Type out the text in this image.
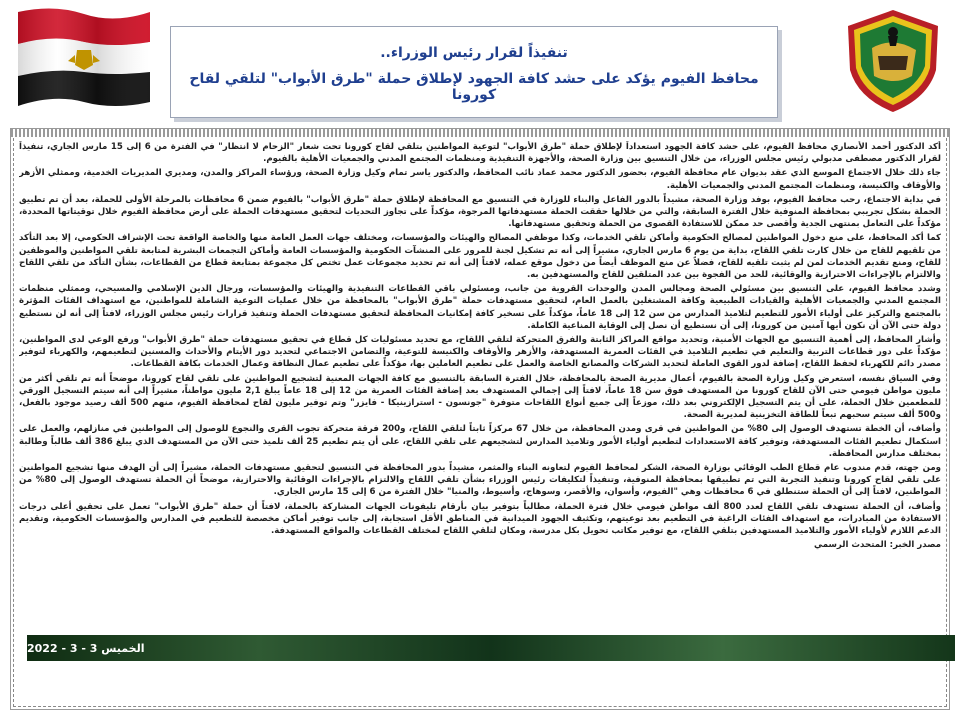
تنفيذاً لقرار رئيس الوزراء..
محافظ الفيوم يؤكد على حشد كافة الجهود لإطلاق حملة "طرق الأبواب" لتلقي لقاح كورونا

أكد الدكتور أحمد الأنصاري محافظ الفيوم، على حشد كافة الجهود استعداداً لإطلاق حملة "طرق الأبواب" لتوعية المواطنين بتلقي لقاح كورونا تحت شعار "الزحام لا انتظار" في الفترة من 6 إلى 15 مارس الجاري، تنفيذاً لقرار الدكتور مصطفى مدبولي رئيس مجلس الوزراء، من خلال التنسيق بين وزارة الصحة، والأجهزة التنفيذية ومنظمات المجتمع المدني والجمعيات الأهلية بالفيوم.

جاء ذلك خلال الاجتماع الموسع الذي عقد بديوان عام محافظة الفيوم، بحضور الدكتور محمد عماد نائب المحافظ، والدكتور ياسر تمام وكيل وزارة الصحة، ورؤساء المراكز والمدن، ومديري المديريات الخدمية، وممثلي الأزهر والأوقاف والكنيسة، ومنظمات المجتمع المدني والجمعيات الأهلية.

في بداية الاجتماع، رحب محافظ الفيوم، بوفد وزارة الصحة، مشيداً بالدور الفاعل والبناء للوزارة في التنسيق مع المحافظة لإطلاق حملة "طرق الأبواب" بالفيوم ضمن 6 محافظات بالمرحلة الأولى للحملة، بعد أن تم تطبيق الحملة بشكل تجريبي بمحافظة المنوفية خلال الفترة السابقة، والتي من خلالها حققت الحملة مستهدفاتها المرجوة، مؤكداً على تجاوز التحديات لتحقيق مستهدفات الحملة على أرض محافظة الفيوم خلال توقيتاتها المحددة، مؤكداً على التعامل بمنتهى الجدية وأقصى حد ممكن للاستفادة القصوى من الحملة وتحقيق مستهدفاتها.

كما أكد المحافظ، على منع دخول المواطنين لمصالح الحكومية وأماكن تلقي الخدمات، وكذا موظفي المصالح والهيئات والمؤسسات، ومختلف جهات العمل العامة منها والخاصة الواقعة تحت الإشراف الحكومي، إلا بعد التأكد من تلقيهم للقاح من خلال كارت تلقي اللقاح، بداية من يوم 6 مارس الجاري، مشيراً إلى أنه تم تشكيل لجنة للمرور على المنشآت الحكومية والمؤسسات العامة وأماكن التجمعات البشرية لمتابعة تلقي المواطنين والموظفين للقاح، ومنع تقديم الخدمات لمن لم يثبت تلقيه للقاح، فضلاً عن منع الموظف أيضاً من دخول موقع عمله، لافتاً إلى أنه تم تحديد مجموعات عمل تختص كل مجموعة بمتابعة قطاع من القطاعات، بشأن التأكد من تلقي اللقاح والالتزام بالإجراءات الاحترازية والوقائية، للحد من الفجوة بين عدد المتلقين للقاح والمستهدفين به.

وشدد محافظ الفيوم، على التنسيق بين مسئولي الصحة ومجالس المدن والوحدات القروية من جانب، ومسئولي باقي القطاعات التنفيذية والهيئات والمؤسسات، ورجال الدين الإسلامي والمسيحي، وممثلي منظمات المجتمع المدني والجمعيات الأهلية والقيادات الطبيعية وكافة المشتغلين بالعمل العام، لتحقيق مستهدفات حملة "طرق الأبواب" بالمحافظة من خلال عمليات التوعية الشاملة للمواطنين، مع استهداف الفئات المؤثرة بالمجتمع والتركيز على أولياء الأمور للتطعيم لتلاميذ المدارس من سن 12 إلى 18 عاماً، مؤكداً على تسخير كافة إمكانيات المحافظة لتحقيق مستهدفات الحملة وتنفيذ قرارات رئيس مجلس الوزراء، لافتاً إلى أنه لن نستطيع دولة حتى الآن أن نكون أيها آمنين من كورونا، إلى أن نستطيع أن نصل إلى الوقاية المناعية الكاملة.

وأشار المحافظ، إلى أهمية التنسيق مع الجهات الأمنية، وتحديد مواقع المراكز الثابتة والفرق المتحركة لتلقي اللقاح، مع تحديد مسئوليات كل قطاع في تحقيق مستهدفات حملة "طرق الأبواب" ورفع الوعي لدى المواطنين، مؤكداً على دور قطاعات التربية والتعليم في تطعيم التلاميذ في الفئات العمرية المستهدفة، والأزهر والأوقاف والكنيسة للتوعية، والتضامن الاجتماعي لتحديد دور الأيتام والأحداث والمسنين لتطعيمهم، والكهرباء لتوفير مصدر دائم للكهرباء لحفظ اللقاح، إضافة لدور القوى العاملة لتحديد الشركات والمصانع الخاصة والعمل على تطعيم العاملين بها، مؤكداً على تطعيم عمال النظافة وعمال الخدمات بكافة القطاعات.

وفي السياق نفسه، استعرض وكيل وزارة الصحة بالفيوم، أعمال مديرية الصحة بالمحافظة، خلال الفترة السابقة بالتنسيق مع كافة الجهات المعنية لتشجيع المواطنين على تلقي لقاح كورونا، موضحاً أنه تم تلقي أكثر من مليون مواطن فيومي حتى الآن للقاح كورونا من المستهدف فوق سن 18 عاماً، لافتاً إلى إجمالي المستهدف بعد إضافة الفئات العمرية من 12 إلى 18 عاماً يبلغ 2,1 مليون مواطناً، مشيراً إلى أنه سيتم التسجيل الورقي للمطعمين خلال الحملة، على أن يتم التسجيل الإلكتروني بعد ذلك، موزعاً إلى جميع أنواع اللقاحات متوفرة "جونسون - استرازينيكا - فايزر" وتم توفير مليون لقاح لمحافظة الفيوم، منهم 500 ألف رصيد موجود بالفعل، و500 ألف سيتم سحبهم تبعاً للطاقة التخزينية لمديرية الصحة.

وأضاف، أن الخطة تستهدف الوصول إلى 80% من المواطنين في قرى ومدن المحافظة، من خلال 67 مركزاً ثابتاً لتلقي اللقاح، و200 فرقة متحركة تجوب القرى والنجوع للوصول إلى المواطنين في منازلهم، والعمل على استكمال تطعيم الفئات المستهدفة، وتوفير كافة الاستعدادات لتطعيم أولياء الأمور وتلاميذ المدارس لتشجيعهم على تلقي اللقاح، على أن يتم تطعيم 25 ألف تلميذ حتى الآن من المستهدف الذي يبلغ 386 ألف طالباً وطالبة بمختلف مدارس المحافظة.

ومن جهته، قدم مندوب عام قطاع الطب الوقائي بوزارة الصحة، الشكر لمحافظ الفيوم لتعاونه البناء والمثمر، مشيداً بدور المحافظة في التنسيق لتحقيق مستهدفات الحملة، مشيراً إلى أن الهدف منها تشجيع المواطنين على تلقي لقاح كورونا وتنفيذ التجربة التي تم تطبيقها بمحافظة المنوفية، وتنفيذاً لتكليفات رئيس الوزراء بشأن تلقي اللقاح والالتزام بالإجراءات الوقائية والاحترازية، موضحاً أن الحملة تستهدف الوصول إلى 80% من المواطنين، لافتاً إلى أن الحملة ستنطلق في 6 محافظات وهي "الفيوم، وأسوان، والأقصر، وسوهاج، وأسيوط، والمنيا" خلال الفترة من 6 إلى 15 مارس الجاري.

وأضاف، أن الحملة تستهدف تلقي اللقاح لعدد 800 ألف مواطن فيومي خلال فترة الحملة، مطالباً بتوفير بيان بأرقام تليفونات الجهات المشاركة بالحملة، لافتاً أن حملة "طرق الأبواب" تعمل على تحقيق أعلى درجات الاستفادة من المبادرات، مع استهداف الفئات الراغبة في التطعيم بعد توعيتهم، وتكثيف الجهود الميدانية في المناطق الأقل استجابة، إلى جانب توفير أماكن مخصصة للتطعيم في المدارس والمؤسسات الحكومية، وتقديم الدعم اللازم لأولياء الأمور والتلاميذ المستهدفين بتلقي اللقاح، مع توفير مكاتب تحويل بكل مدرسة، ومكان لتلقي اللقاح لمختلف القطاعات والمواقع المستهدفة.

مصدر الخبر: المتحدث الرسمي

الخميس 3 - 3 - 2022
